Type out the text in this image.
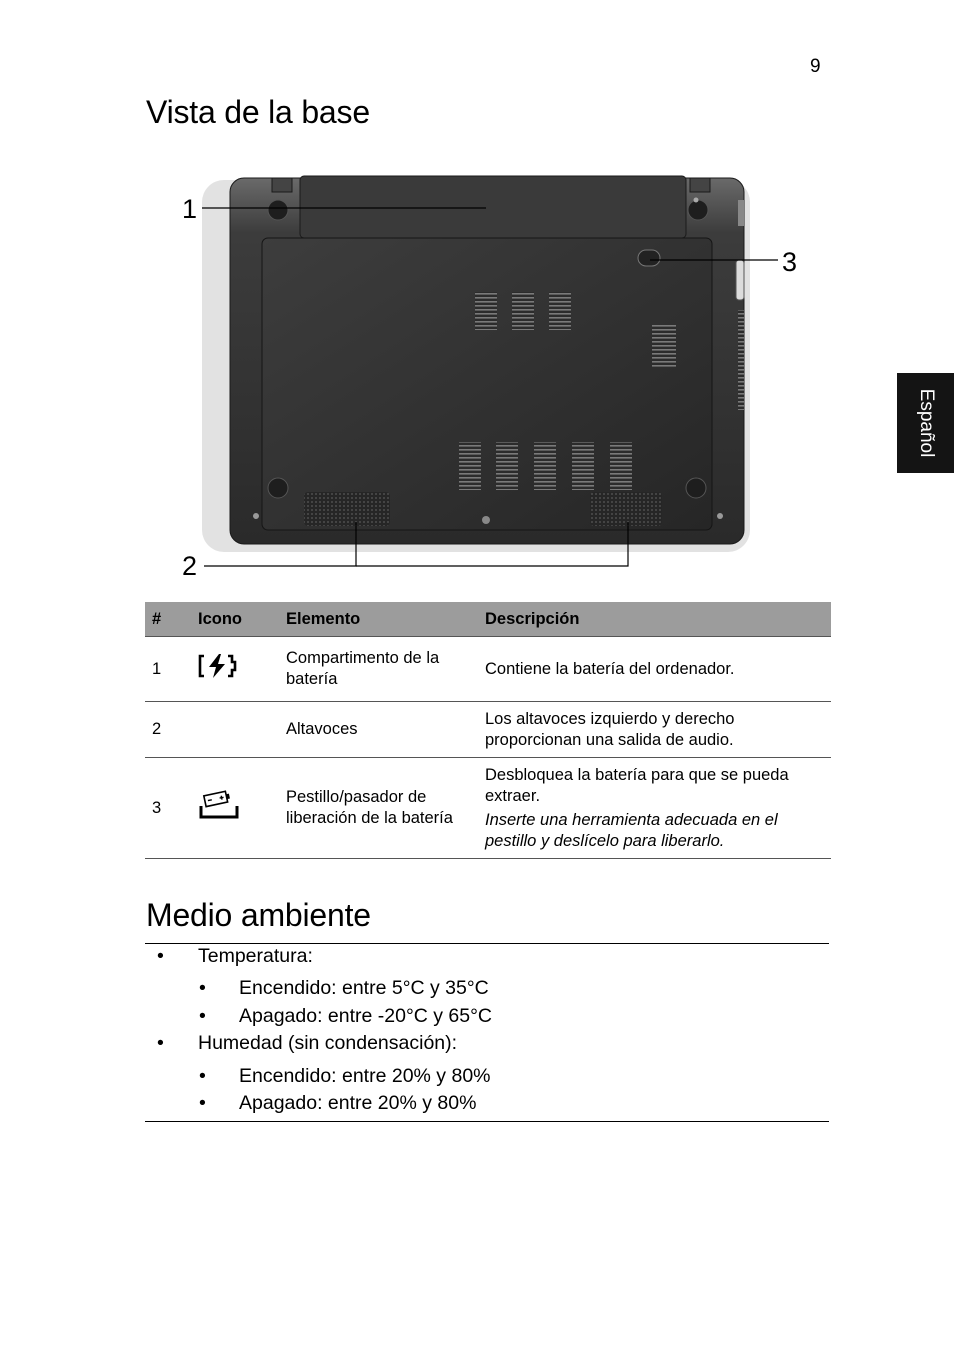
9
Español
Vista de la base
1
2
3
#	Icono	Elemento	Descripción
1		Compartimento de la batería	Contiene la batería del ordenador.
2		Altavoces	Los altavoces izquierdo y derecho proporcionan una salida de audio.
3		Pestillo/pasador de liberación de la batería	Desbloquea la batería para que se pueda extraer.
Inserte una herramienta adecuada en el pestillo y deslícelo para liberarlo.
Medio ambiente
• Temperatura:
• Encendido: entre 5°C y 35°C
• Apagado: entre -20°C y 65°C
• Humedad (sin condensación):
• Encendido: entre 20% y 80%
• Apagado: entre 20% y 80%
